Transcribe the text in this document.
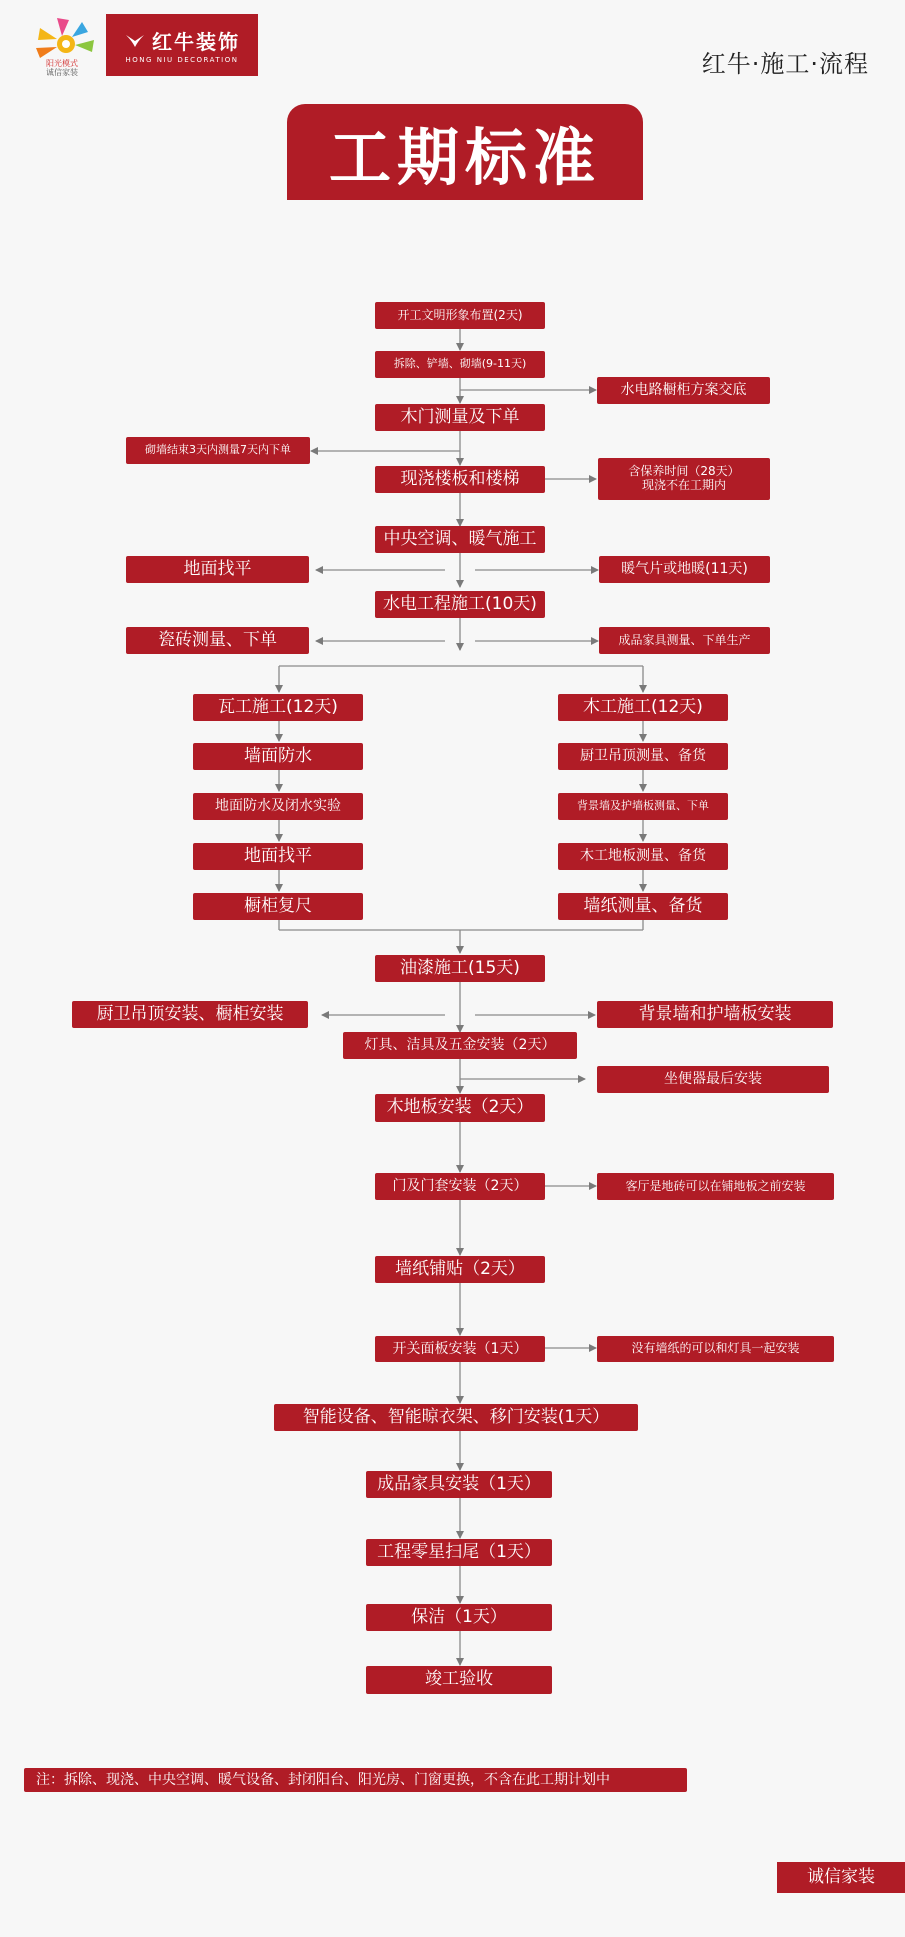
阳光模式
诚信家装
红牛装饰
HONG NIU DECORATION	红牛·施工·流程
工期标准
开工文明形象布置(2天)
拆除、铲墙、砌墙(9-11天)
水电路橱柜方案交底
木门测量及下单
砌墙结束3天内测量7天内下单
现浇楼板和楼梯	含保养时间（28天）
现浇不在工期内
中央空调、暖气施工
地面找平	暖气片或地暖(11天)
水电工程施工(10天)
瓷砖测量、下单	成品家具测量、下单生产
瓦工施工(12天)
墙面防水
地面防水及闭水实验
地面找平
橱柜复尺
木工施工(12天)
厨卫吊顶测量、备货
背景墙及护墙板测量、下单
木工地板测量、备货
墙纸测量、备货
油漆施工(15天)
厨卫吊顶安装、橱柜安装	背景墙和护墙板安装
灯具、洁具及五金安装（2天）
坐便器最后安装
木地板安装（2天）
门及门套安装（2天）	客厅是地砖可以在铺地板之前安装
墙纸铺贴（2天）
开关面板安装（1天）	没有墙纸的可以和灯具一起安装
智能设备、智能晾衣架、移门安装(1天）
成品家具安装（1天）
工程零星扫尾（1天）
保洁（1天）
竣工验收
注：拆除、现浇、中央空调、暖气设备、封闭阳台、阳光房、门窗更换，不含在此工期计划中
诚信家装
